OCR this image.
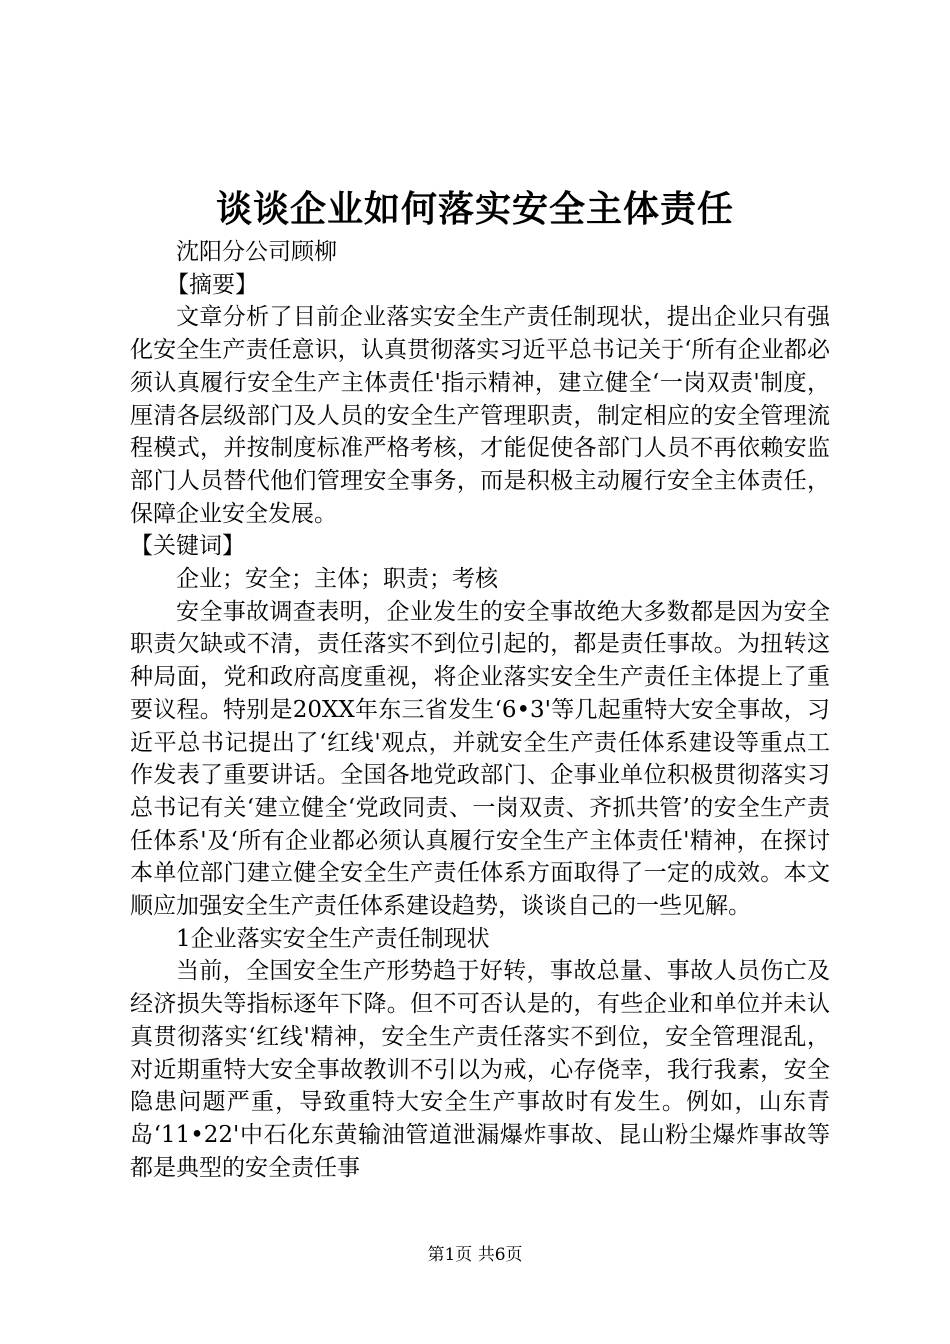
谈谈企业如何落实安全主体责任

沈阳分公司顾柳

【摘要】

文章分析了目前企业落实安全生产责任制现状，提出企业只有强化安全生产责任意识，认真贯彻落实习近平总书记关于‘所有企业都必须认真履行安全生产主体责任'指示精神，建立健全‘一岗双责'制度，厘清各层级部门及人员的安全生产管理职责，制定相应的安全管理流程模式，并按制度标准严格考核，才能促使各部门人员不再依赖安监部门人员替代他们管理安全事务，而是积极主动履行安全主体责任，保障企业安全发展。

【关键词】

企业；安全；主体；职责；考核

安全事故调查表明，企业发生的安全事故绝大多数都是因为安全职责欠缺或不清，责任落实不到位引起的，都是责任事故。为扭转这种局面，党和政府高度重视，将企业落实安全生产责任主体提上了重要议程。特别是20XX年东三省发生‘6•3'等几起重特大安全事故，习近平总书记提出了‘红线'观点，并就安全生产责任体系建设等重点工作发表了重要讲话。全国各地党政部门、企事业单位积极贯彻落实习总书记有关‘建立健全‘党政同责、一岗双责、齐抓共管’的安全生产责任体系'及‘所有企业都必须认真履行安全生产主体责任'精神，在探讨本单位部门建立健全安全生产责任体系方面取得了一定的成效。本文顺应加强安全生产责任体系建设趋势，谈谈自己的一些见解。

1企业落实安全生产责任制现状

当前，全国安全生产形势趋于好转，事故总量、事故人员伤亡及经济损失等指标逐年下降。但不可否认是的，有些企业和单位并未认真贯彻落实‘红线'精神，安全生产责任落实不到位，安全管理混乱，对近期重特大安全事故教训不引以为戒，心存侥幸，我行我素，安全隐患问题严重，导致重特大安全生产事故时有发生。例如，山东青岛‘11•22'中石化东黄输油管道泄漏爆炸事故、昆山粉尘爆炸事故等都是典型的安全责任事

第1页 共6页
